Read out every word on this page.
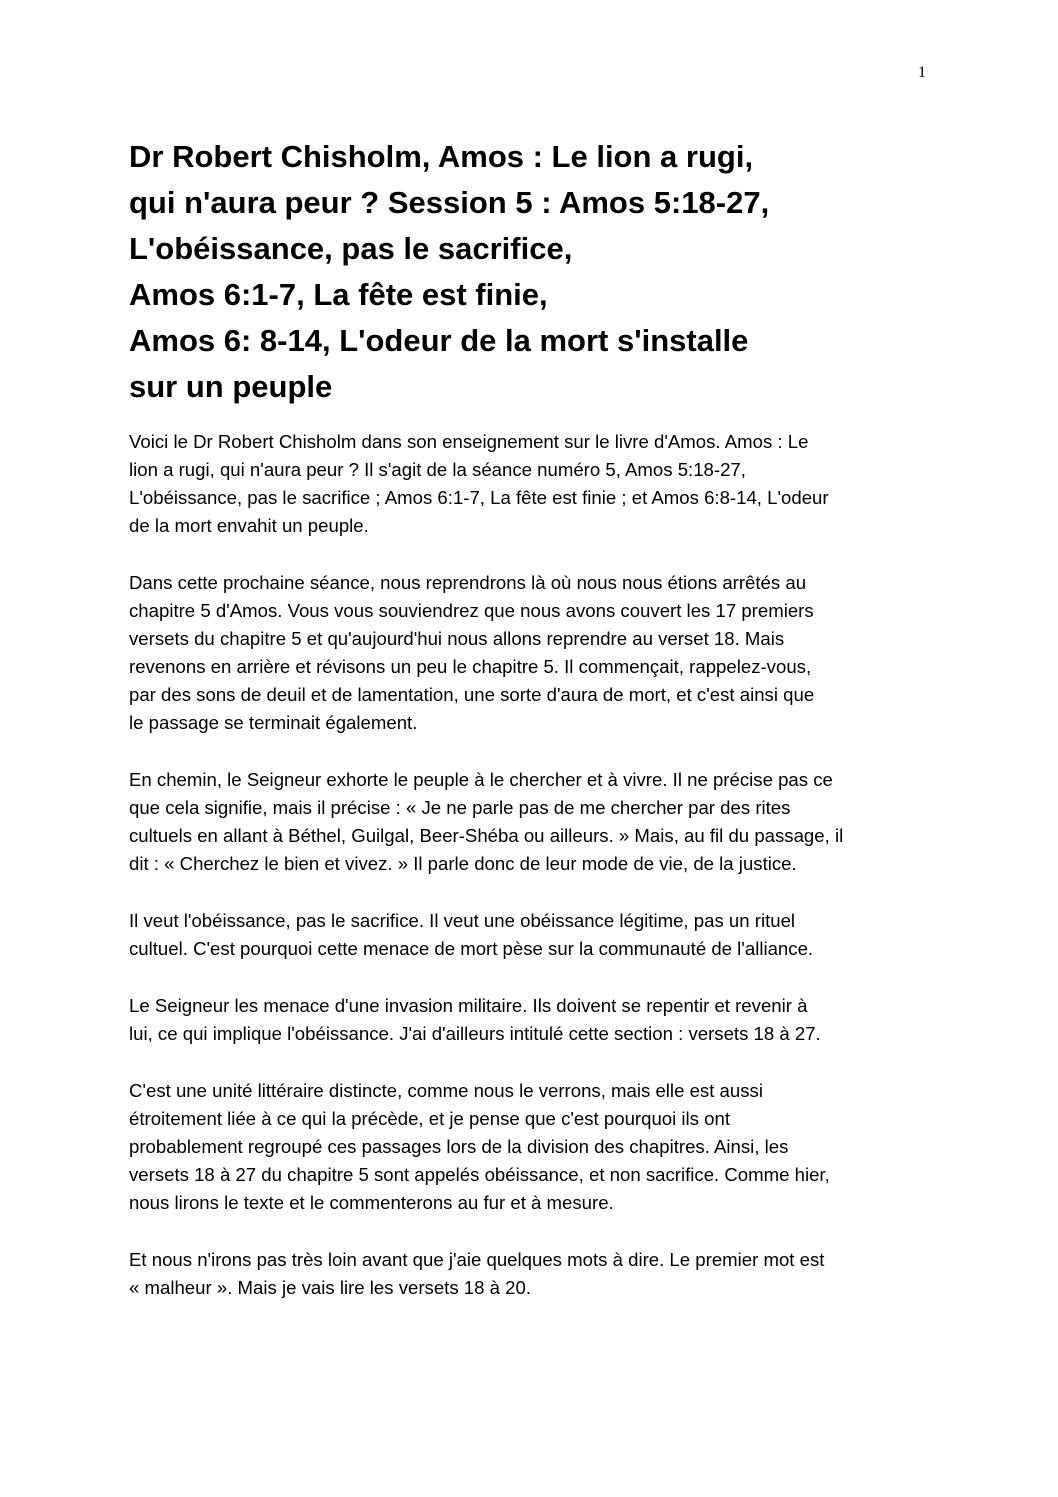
1
Dr Robert Chisholm, Amos : Le lion a rugi,
qui n'aura peur ? Session 5 : Amos 5:18-27,
L'obéissance, pas le sacrifice,
Amos 6:1-7, La fête est finie,
Amos 6: 8-14, L'odeur de la mort s'installe
sur un peuple

Voici le Dr Robert Chisholm dans son enseignement sur le livre d'Amos. Amos : Le
lion a rugi, qui n'aura peur ? Il s'agit de la séance numéro 5, Amos 5:18-27,
L'obéissance, pas le sacrifice ; Amos 6:1-7, La fête est finie ; et Amos 6:8-14, L'odeur
de la mort envahit un peuple.

Dans cette prochaine séance, nous reprendrons là où nous nous étions arrêtés au
chapitre 5 d'Amos. Vous vous souviendrez que nous avons couvert les 17 premiers
versets du chapitre 5 et qu'aujourd'hui nous allons reprendre au verset 18. Mais
revenons en arrière et révisons un peu le chapitre 5. Il commençait, rappelez-vous,
par des sons de deuil et de lamentation, une sorte d'aura de mort, et c'est ainsi que
le passage se terminait également.

En chemin, le Seigneur exhorte le peuple à le chercher et à vivre. Il ne précise pas ce
que cela signifie, mais il précise : « Je ne parle pas de me chercher par des rites
cultuels en allant à Béthel, Guilgal, Beer-Shéba ou ailleurs. » Mais, au fil du passage, il
dit : « Cherchez le bien et vivez. » Il parle donc de leur mode de vie, de la justice.

Il veut l'obéissance, pas le sacrifice. Il veut une obéissance légitime, pas un rituel
cultuel. C'est pourquoi cette menace de mort pèse sur la communauté de l'alliance.

Le Seigneur les menace d'une invasion militaire. Ils doivent se repentir et revenir à
lui, ce qui implique l'obéissance. J'ai d'ailleurs intitulé cette section : versets 18 à 27.

C'est une unité littéraire distincte, comme nous le verrons, mais elle est aussi
étroitement liée à ce qui la précède, et je pense que c'est pourquoi ils ont
probablement regroupé ces passages lors de la division des chapitres. Ainsi, les
versets 18 à 27 du chapitre 5 sont appelés obéissance, et non sacrifice. Comme hier,
nous lirons le texte et le commenterons au fur et à mesure.

Et nous n'irons pas très loin avant que j'aie quelques mots à dire. Le premier mot est
« malheur ». Mais je vais lire les versets 18 à 20.
